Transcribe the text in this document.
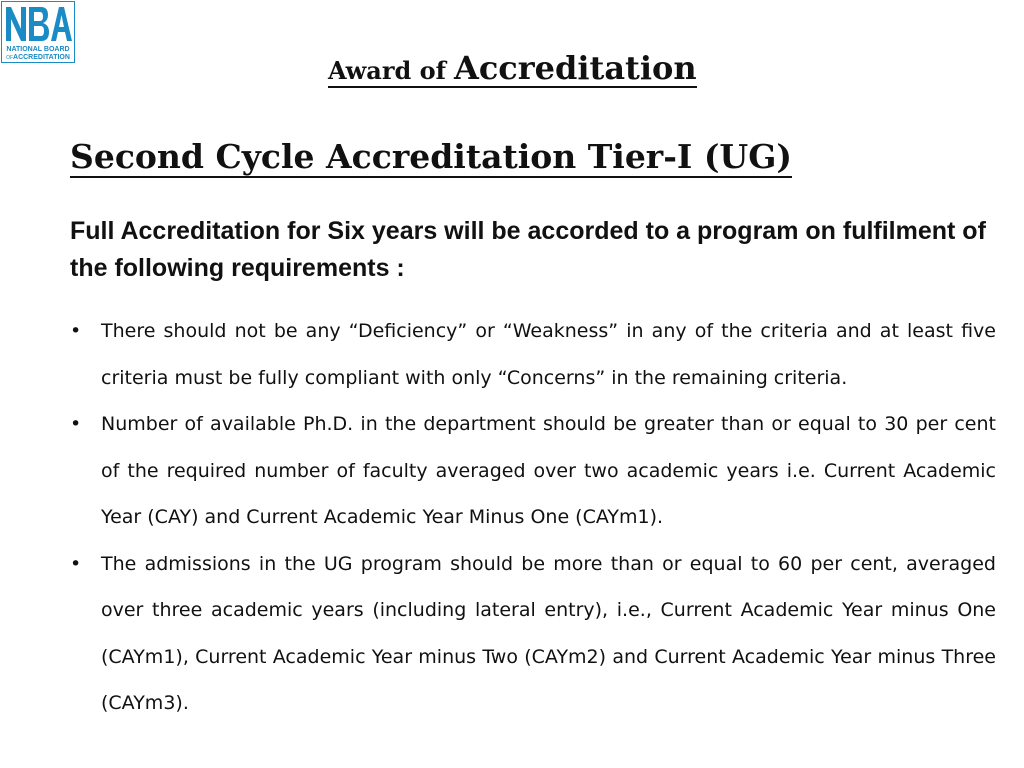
NATIONAL BOARD
OFACCREDITATION	Award of Accreditation
Second Cycle Accreditation Tier-I (UG)
Full Accreditation for Six years will be accorded to a program on fulfilment of the following requirements :
•	There should not be any “Deficiency” or “Weakness” in any of the criteria and at least five criteria must be fully compliant with only “Concerns” in the remaining criteria.
•	Number of available Ph.D. in the department should be greater than or equal to 30 per cent of the required number of faculty averaged over two academic years i.e. Current Academic Year (CAY) and Current Academic Year Minus One (CAYm1).
•	The admissions in the UG program should be more than or equal to 60 per cent, averaged over three academic years (including lateral entry), i.e., Current Academic Year minus One (CAYm1), Current Academic Year minus Two (CAYm2) and Current Academic Year minus Three (CAYm3).
